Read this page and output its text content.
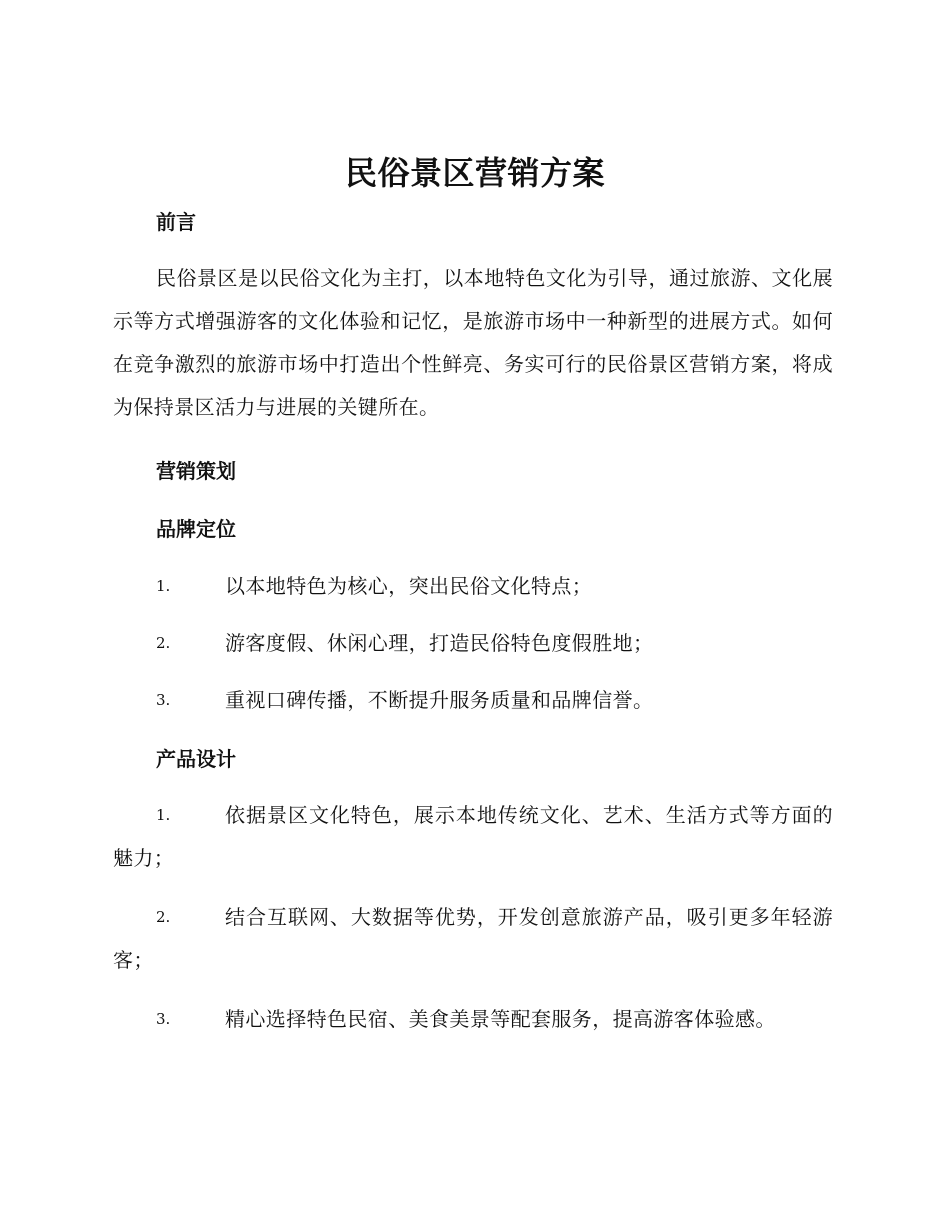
民俗景区营销方案
前言

民俗景区是以民俗文化为主打，以本地特色文化为引导，通过旅游、文化展示等方式增强游客的文化体验和记忆，是旅游市场中一种新型的进展方式。如何在竞争激烈的旅游市场中打造出个性鲜亮、务实可行的民俗景区营销方案，将成为保持景区活力与进展的关键所在。

营销策划
品牌定位
1.	以本地特色为核心，突出民俗文化特点；
2.	游客度假、休闲心理，打造民俗特色度假胜地；
3.	重视口碑传播，不断提升服务质量和品牌信誉。
产品设计
1.	依据景区文化特色，展示本地传统文化、艺术、生活方式等方面的魅力；
2.	结合互联网、大数据等优势，开发创意旅游产品，吸引更多年轻游客；
3.	精心选择特色民宿、美食美景等配套服务，提高游客体验感。
